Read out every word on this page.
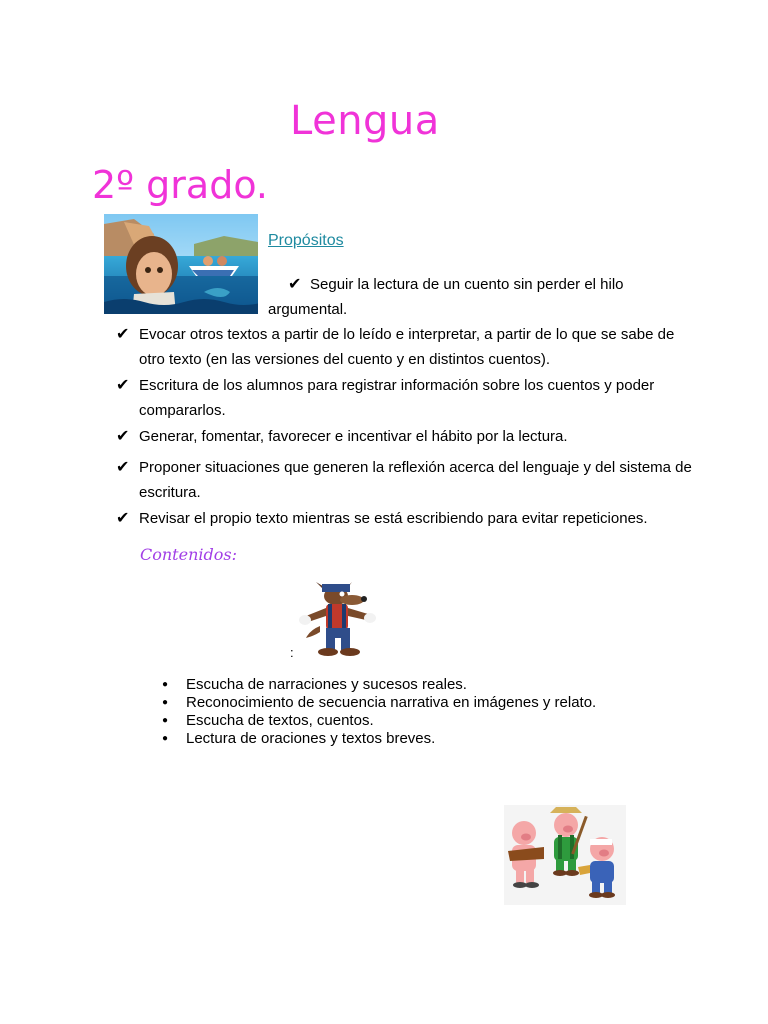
Lengua
2º grado.
Propósitos
✔ Seguir la lectura de un cuento sin perder el hilo
argumental.
✔ Evocar otros textos a partir de lo leído e interpretar, a partir de lo que se sabe de otro texto (en las versiones del cuento y en distintos cuentos).
✔ Escritura de los alumnos para registrar información sobre los cuentos y poder compararlos.
✔ Generar, fomentar, favorecer e incentivar el hábito por la lectura.
✔ Proponer situaciones que generen la reflexión acerca del lenguaje y del sistema de escritura.
✔ Revisar el propio texto mientras se está escribiendo para evitar repeticiones.
Contenidos:
:
● Escucha de narraciones y sucesos reales.
● Reconocimiento de secuencia narrativa en imágenes y relato.
● Escucha de textos, cuentos.
● Lectura de oraciones y textos breves.
